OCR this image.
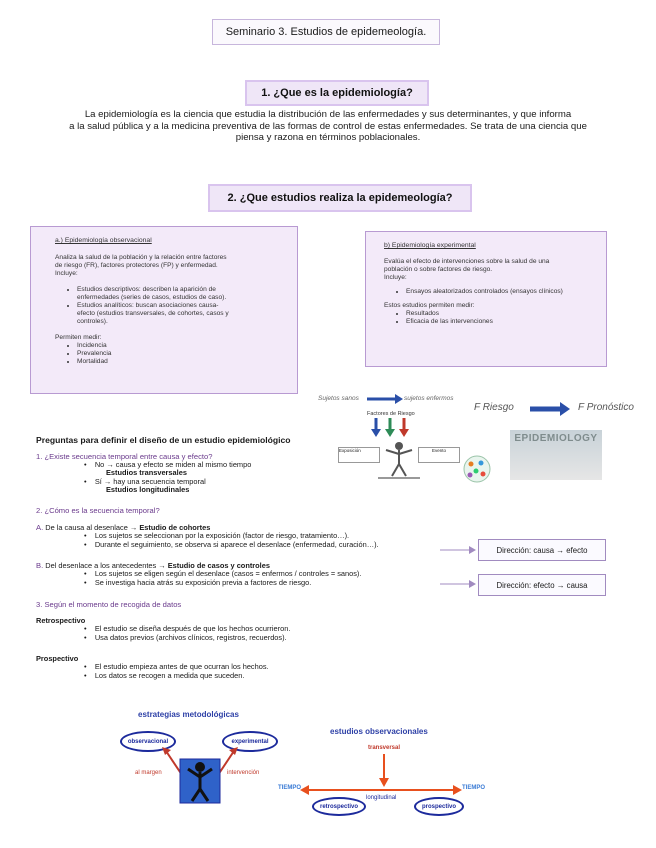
Seminario 3. Estudios de epidemeología.
1. ¿Que es la epidemiología?
La epidemiología es la ciencia que estudia la distribución de las enfermedades y sus determinantes, y que informa
a la salud pública y a la medicina preventiva de las formas de control de estas enfermedades. Se trata de una ciencia que
piensa y razona en términos poblacionales.
2. ¿Que estudios realiza la epidemeología?
a.) Epidemiología observacional
Analiza la salud de la población y la relación entre factores
de riesgo (FR), factores protectores (FP) y enfermedad.
Incluye:
• Estudios descriptivos: describen la aparición de
enfermedades (series de casos, estudios de caso).
• Estudios analíticos: buscan asociaciones causa-
efecto (estudios transversales, de cohortes, casos y
controles).
Permiten medir:
• Incidencia
• Prevalencia
• Mortalidad
b) Epidemiología experimental
Evalúa el efecto de intervenciones sobre la salud de una
población o sobre factores de riesgo.
Incluye:
• Ensayos aleatorizados controlados (ensayos clínicos)
Estos estudios permiten medir:
• Resultados
• Eficacia de las intervenciones
Sujetos sanos	sujetos enfermos
F Riesgo	F Pronóstico
Factores de Riesgo
Exposición	Evento
EPIDEMIOLOGY
Preguntas para definir el diseño de un estudio epidemiológico
1. ¿Existe secuencia temporal entre causa y efecto?
•    No → causa y efecto se miden al mismo tiempo
Estudios transversales
•    Sí → hay una secuencia temporal
Estudios longitudinales
2. ¿Cómo es la secuencia temporal?
A. De la causa al desenlace → Estudio de cohortes
•    Los sujetos se seleccionan por la exposición (factor de riesgo, tratamiento…).
•    Durante el seguimiento, se observa si aparece el desenlace (enfermedad, curación…).
Dirección: causa → efecto
B. Del desenlace a los antecedentes → Estudio de casos y controles
•    Los sujetos se eligen según el desenlace (casos = enfermos / controles = sanos).
•    Se investiga hacia atrás su exposición previa a factores de riesgo.	Dirección: efecto → causa
3. Según el momento de recogida de datos
Retrospectivo
•    El estudio se diseña después de que los hechos ocurrieron.
•    Usa datos previos (archivos clínicos, registros, recuerdos).
Prospectivo
•    El estudio empieza antes de que ocurran los hechos.
•    Los datos se recogen a medida que suceden.
estrategias metodológicas
observacional	experimental
al margen	intervención
estudios observacionales
transversal
TIEMPO	TIEMPO
longitudinal
retrospectivo	prospectivo
